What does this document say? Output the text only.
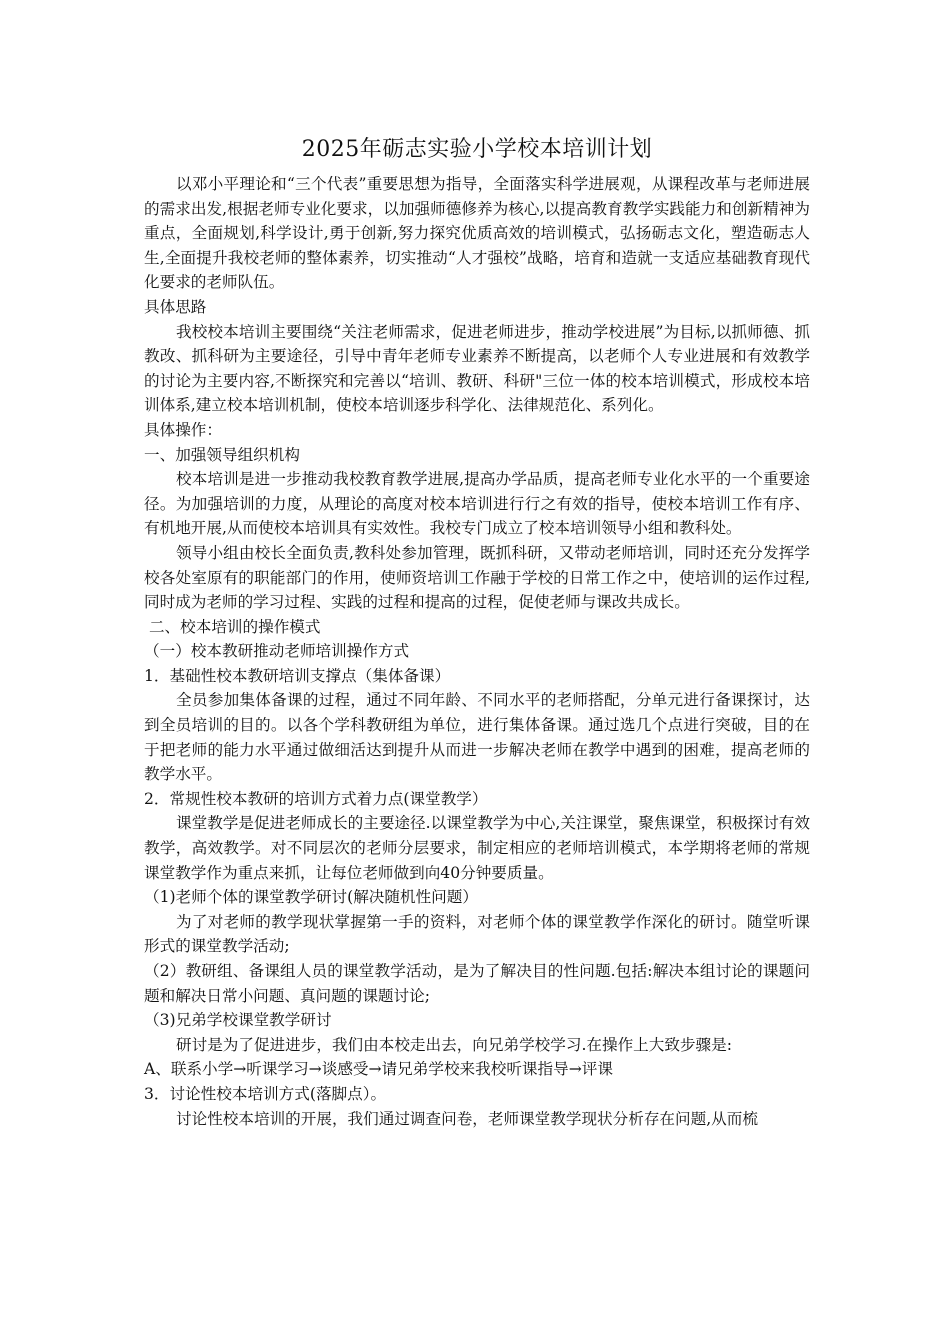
2025年砺志实验小学校本培训计划

以邓小平理论和“三个代表”重要思想为指导，全面落实科学进展观，从课程改革与老师进展的需求出发,根据老师专业化要求，以加强师德修养为核心,以提高教育教学实践能力和创新精神为重点，全面规划,科学设计,勇于创新,努力探究优质高效的培训模式，弘扬砺志文化，塑造砺志人生,全面提升我校老师的整体素养，切实推动“人才强校”战略，培育和造就一支适应基础教育现代化要求的老师队伍。

具体思路

我校校本培训主要围绕“关注老师需求，促进老师进步，推动学校进展”为目标,以抓师德、抓教改、抓科研为主要途径，引导中青年老师专业素养不断提高，以老师个人专业进展和有效教学的讨论为主要内容,不断探究和完善以“培训、教研、科研"三位一体的校本培训模式，形成校本培训体系,建立校本培训机制，使校本培训逐步科学化、法律规范化、系列化。

具体操作：

一、加强领导组织机构

校本培训是进一步推动我校教育教学进展,提高办学品质，提高老师专业化水平的一个重要途径。为加强培训的力度，从理论的高度对校本培训进行行之有效的指导，使校本培训工作有序、有机地开展,从而使校本培训具有实效性。我校专门成立了校本培训领导小组和教科处。

领导小组由校长全面负责,教科处参加管理，既抓科研，又带动老师培训，同时还充分发挥学校各处室原有的职能部门的作用，使师资培训工作融于学校的日常工作之中，使培训的运作过程,同时成为老师的学习过程、实践的过程和提高的过程，促使老师与课改共成长。

二、校本培训的操作模式

（一）校本教研推动老师培训操作方式

1．基础性校本教研培训支撑点（集体备课）

全员参加集体备课的过程，通过不同年龄、不同水平的老师搭配，分单元进行备课探讨，达到全员培训的目的。以各个学科教研组为单位，进行集体备课。通过选几个点进行突破，目的在于把老师的能力水平通过做细活达到提升从而进一步解决老师在教学中遇到的困难，提高老师的教学水平。

2．常规性校本教研的培训方式着力点(课堂教学）

课堂教学是促进老师成长的主要途径.以课堂教学为中心,关注课堂，聚焦课堂，积极探讨有效教学，高效教学。对不同层次的老师分层要求，制定相应的老师培训模式，本学期将老师的常规课堂教学作为重点来抓，让每位老师做到向40分钟要质量。

（1)老师个体的课堂教学研讨(解决随机性问题）

为了对老师的教学现状掌握第一手的资料，对老师个体的课堂教学作深化的研讨。随堂听课形式的课堂教学活动;

（2）教研组、备课组人员的课堂教学活动，是为了解决目的性问题.包括:解决本组讨论的课题问题和解决日常小问题、真问题的课题讨论;

（3)兄弟学校课堂教学研讨

研讨是为了促进进步，我们由本校走出去，向兄弟学校学习.在操作上大致步骤是:

A、联系小学→听课学习→谈感受→请兄弟学校来我校听课指导→评课

3．讨论性校本培训方式(落脚点）。

讨论性校本培训的开展，我们通过调查问卷，老师课堂教学现状分析存在问题,从而梳
